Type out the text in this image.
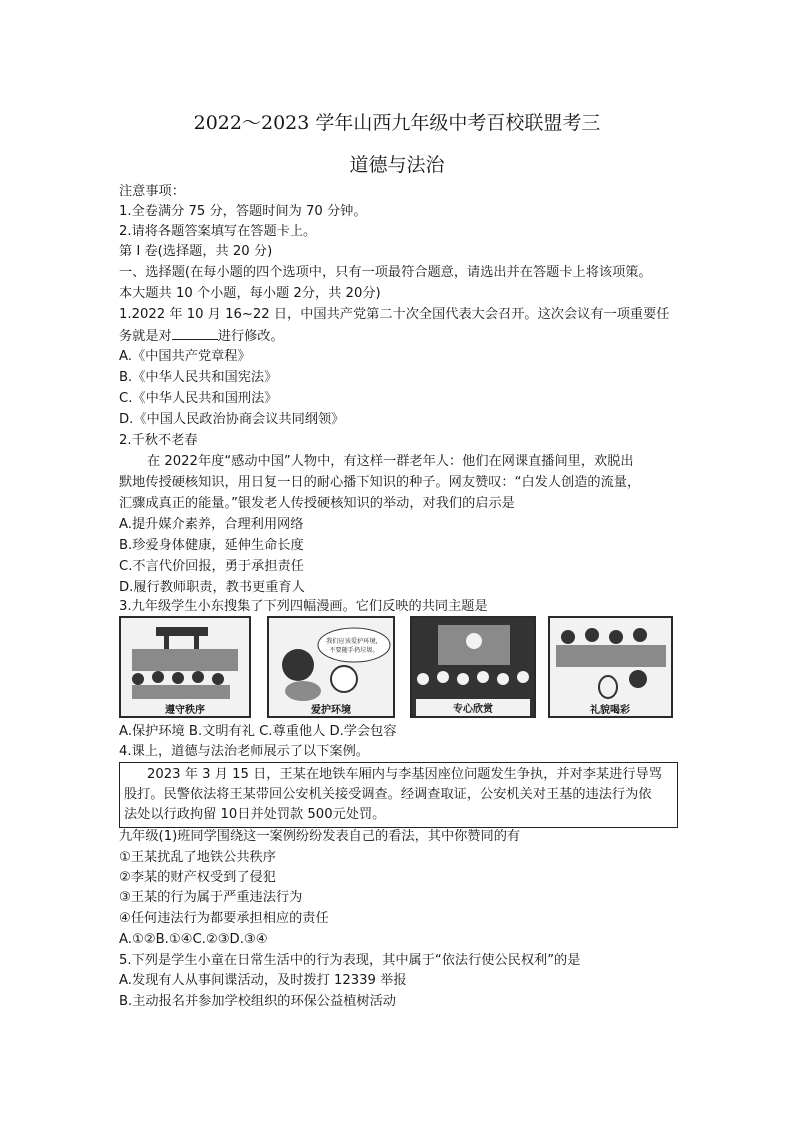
2022～2023 学年山西九年级中考百校联盟考三
道德与法治
注意事项：
1.全卷满分 75 分，答题时间为 70 分钟。
2.请将各题答案填写在答题卡上。
第 I 卷(选择题，共 20 分)
一、选择题(在每小题的四个选项中，只有一项最符合题意，请选出并在答题卡上将该项策。
本大题共 10 个小题，每小题 2分，共 20分)
1.2022 年 10 月 16~22 日，中国共产党第二十次全国代表大会召开。这次会议有一项重要任
务就是对	进行修改。
A.《中国共产党章程》
B.《中华人民共和国宪法》
C.《中华人民共和国刑法》
D.《中国人民政治协商会议共同纲领》
2.千秋不老春
在 2022年度“感动中国”人物中，有这样一群老年人：他们在网课直播间里，欢脱出
默地传授硬核知识，用日复一日的耐心播下知识的种子。网友赞叹：“白发人创造的流量，
汇骤成真正的能量。”银发老人传授硬核知识的举动，对我们的启示是
A.提升媒介素养，合理利用网络
B.珍爱身体健康，延伸生命长度
C.不言代价回报，勇于承担责任
D.履行教师职责，教书更重育人
3.九年级学生小东搜集了下列四幅漫画。它们反映的共同主题是
遵守秩序
我们应该爱护环境，
不要随手扔垃圾。
爱护环境	专心欣赏	礼貌喝彩
A.保护环境 B.文明有礼 C.尊重他人 D.学会包容
4.课上，道德与法治老师展示了以下案例。
2023 年 3 月 15 日，王某在地铁车厢内与李基因座位问题发生争执，并对李某进行导骂
股打。民警依法将王某带回公安机关接受调查。经调查取证，公安机关对王基的违法行为依
法处以行政拘留 10日并处罚款 500元处罚。
九年级(1)班同学围绕这一案例纷纷发表自己的看法，其中你赞同的有
①王某扰乱了地铁公共秩序
②李某的财产权受到了侵犯
③王某的行为属于严重违法行为
④任何违法行为都要承担相应的责任
A.①②B.①④C.②③D.③④
5.下列是学生小童在日常生活中的行为表现，其中属于“依法行使公民权利”的是
A.发现有人从事间谍活动，及时拨打 12339 举报
B.主动报名并参加学校组织的环保公益植树活动
